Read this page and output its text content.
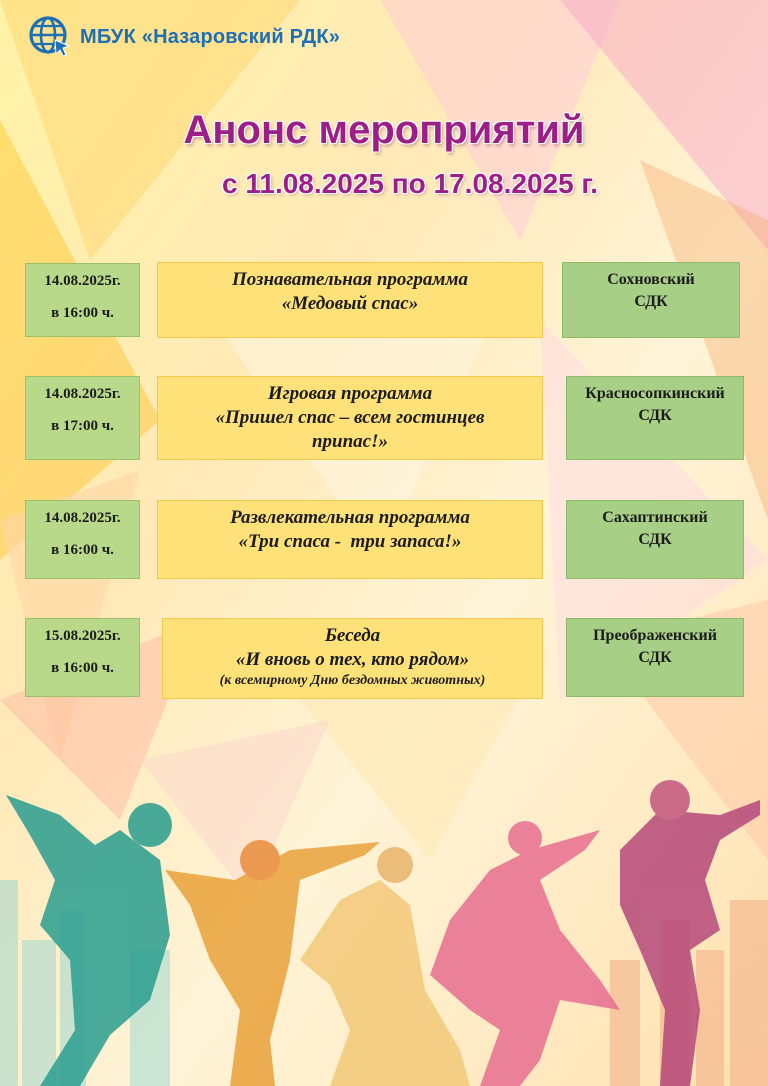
МБУК «Назаровский РДК»
Анонс мероприятий
с 11.08.2025 по 17.08.2025 г.
14.08.2025г.
в 16:00 ч.
Познавательная программа
«Медовый спас»
Сохновский
СДК
14.08.2025г.
в 17:00 ч.
Игровая программа
«Пришел спас – всем гостинцев
припас!»
Красносопкинский
СДК
14.08.2025г.
в 16:00 ч.
Развлекательная программа
«Три спаса -  три запаса!»
Сахаптинский
СДК
15.08.2025г.
в 16:00 ч.
Беседа
«И вновь о тех, кто рядом»
(к всемирному Дню бездомных животных)
Преображенский
СДК
